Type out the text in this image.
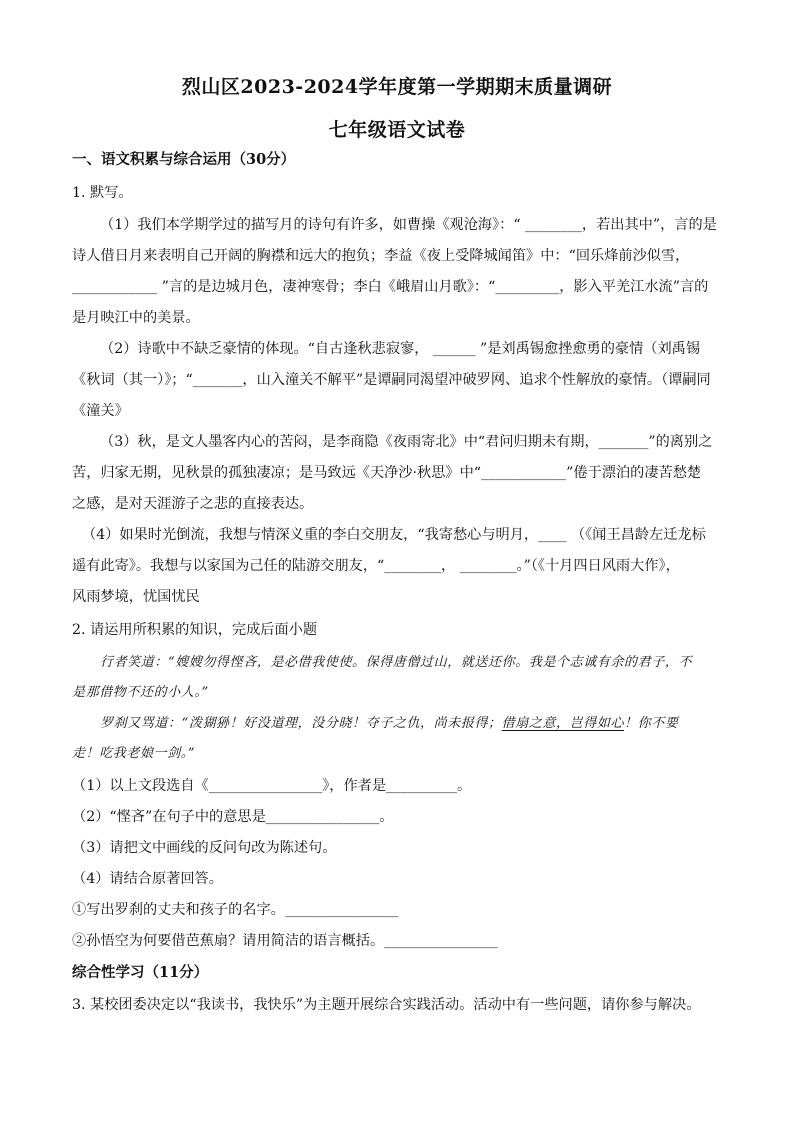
烈山区2023-2024学年度第一学期期末质量调研
七年级语文试卷
一、语文积累与综合运用（30分）
1. 默写。
（1）我们本学期学过的描写月的诗句有许多，如曹操《观沧海》：“ ________，若出其中”，言的是
诗人借日月来表明自己开阔的胸襟和远大的抱负；李益《夜上受降城闻笛》中：“回乐烽前沙似雪，
____________ ”言的是边城月色，凄神寒骨；李白《峨眉山月歌》：“_________，影入平羌江水流”言的
是月映江中的美景。
（2）诗歌中不缺乏豪情的体现。“自古逢秋悲寂寥， ______ ”是刘禹锡愈挫愈勇的豪情（刘禹锡
《秋词（其一）》；“_______，山入潼关不解平”是谭嗣同渴望冲破罗网、追求个性解放的豪情。（谭嗣同
《潼关》
（3）秋，是文人墨客内心的苦闷，是李商隐《夜雨寄北》中“君问归期未有期，_______”的离别之
苦，归家无期，见秋景的孤独凄凉；是马致远《天净沙·秋思》中“____________”倦于漂泊的凄苦愁楚
之感，是对天涯游子之悲的直接表达。
（4）如果时光倒流，我想与情深义重的李白交朋友，“我寄愁心与明月，____ （《闻王昌龄左迁龙标
遥有此寄》。我想与以家国为己任的陆游交朋友，“________， ________。”（《十月四日风雨大作》，
风雨梦境，忧国忧民
2. 请运用所积累的知识，完成后面小题
行者笑道：“嫂嫂勿得悭吝，是必借我使使。保得唐僧过山，就送还你。我是个志诚有余的君子，不
是那借物不还的小人。”
罗刹又骂道：“泼猢狲！好没道理，没分晓！夺子之仇，尚未报得；借扇之意，岂得如心！你不要
走！吃我老娘一剑。”
（1）以上文段选自《________________》，作者是__________。
（2）“悭吝”在句子中的意思是________________。
（3）请把文中画线的反问句改为陈述句。
（4）请结合原著回答。
①写出罗刹的丈夫和孩子的名字。________________
②孙悟空为何要借芭蕉扇？请用简洁的语言概括。________________
综合性学习（11分）
3. 某校团委决定以“我读书，我快乐”为主题开展综合实践活动。活动中有一些问题，请你参与解决。
